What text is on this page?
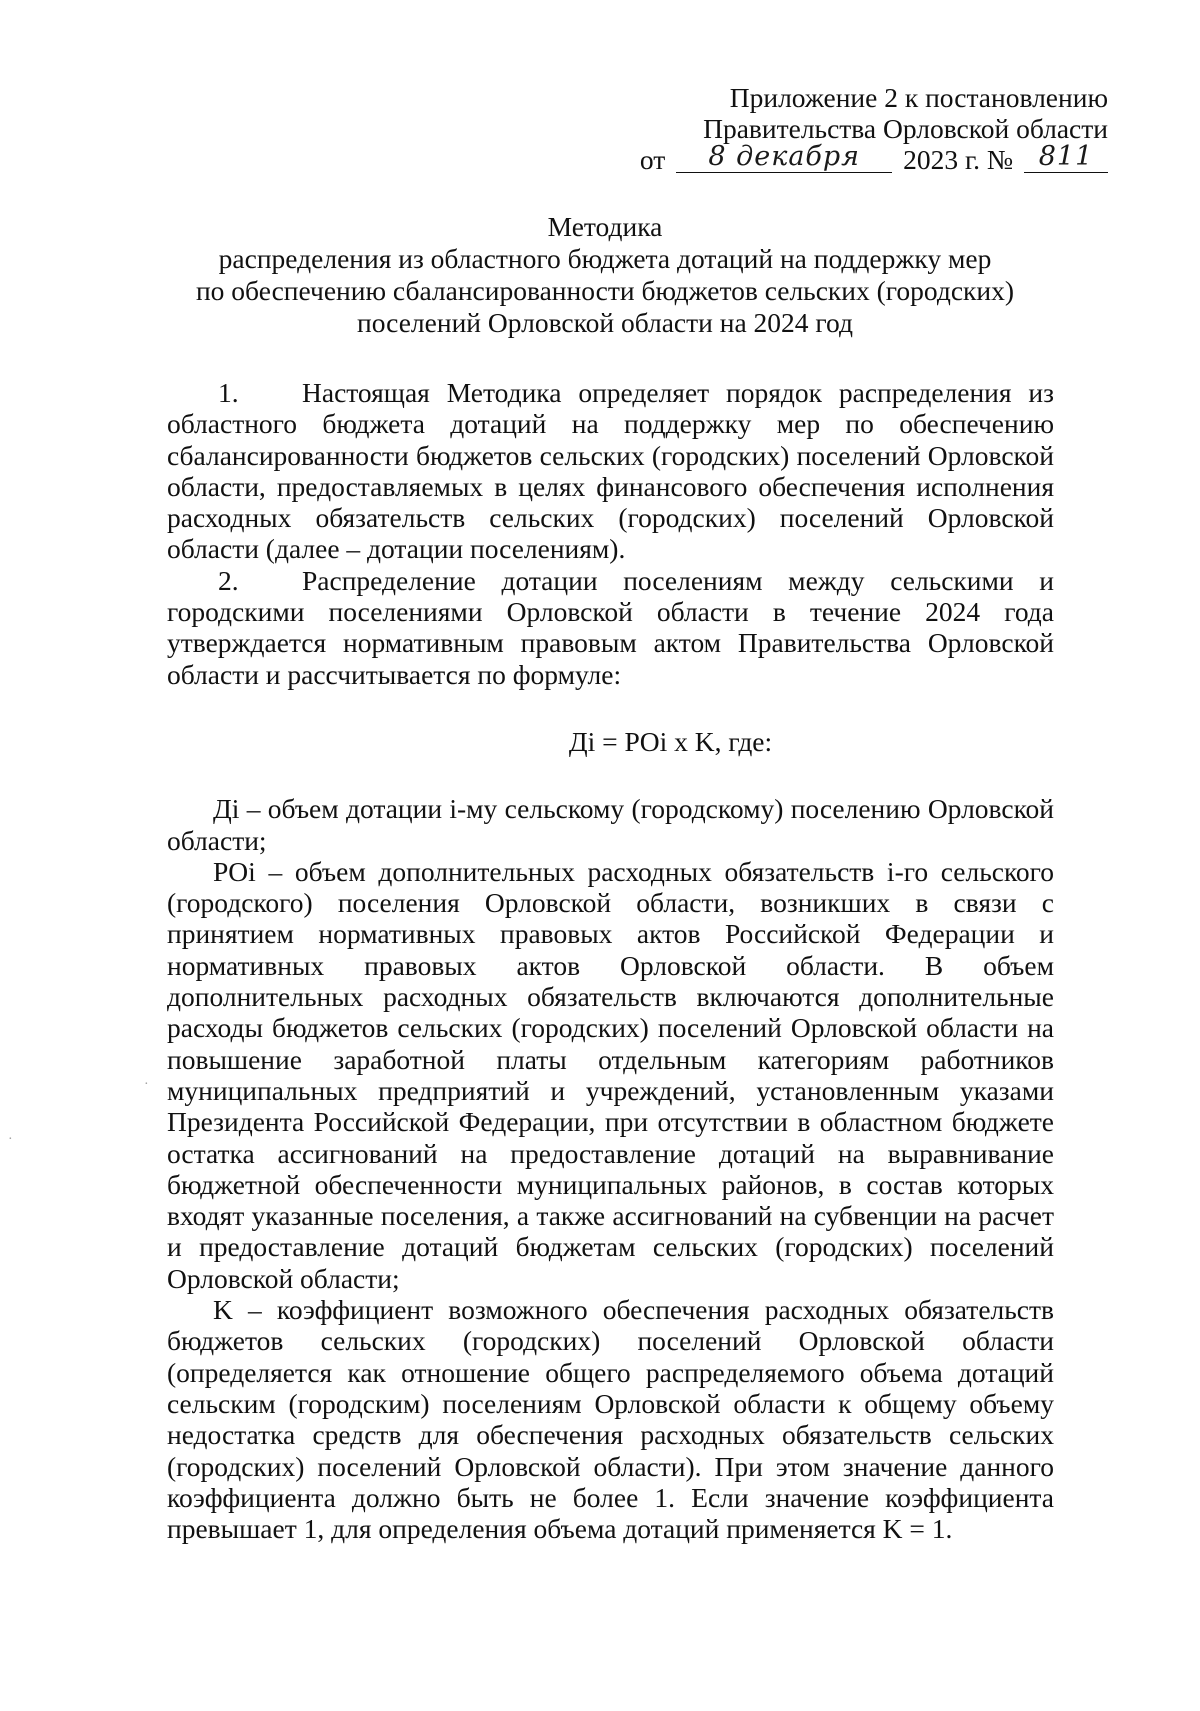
·
·
Приложение 2 к постановлению
Правительства Орловской области
от 8 декабря 2023 г. № 811
Методика
распределения из областного бюджета дотаций на поддержку мер
по обеспечению сбалансированности бюджетов сельских (городских)
поселений Орловской области на 2024 год

1. Настоящая Методика определяет порядок распределения из областного бюджета дотаций на поддержку мер по обеспечению сбалансированности бюджетов сельских (городских) поселений Орловской области, предоставляемых в целях финансового обеспечения исполнения расходных обязательств сельских (городских) поселений Орловской области (далее – дотации поселениям).

2. Распределение дотации поселениям между сельскими и городскими поселениями Орловской области в течение 2024 года утверждается нормативным правовым актом Правительства Орловской области и рассчитывается по формуле:

Дi = POi x K, где:

Дi – объем дотации i-му сельскому (городскому) поселению Орловской области;

POi – объем дополнительных расходных обязательств i-го сельского (городского) поселения Орловской области, возникших в связи с принятием нормативных правовых актов Российской Федерации и нормативных правовых актов Орловской области. В объем дополнительных расходных обязательств включаются дополнительные расходы бюджетов сельских (городских) поселений Орловской области на повышение заработной платы отдельным категориям работников муниципальных предприятий и учреждений, установленным указами Президента Российской Федерации, при отсутствии в областном бюджете остатка ассигнований на предоставление дотаций на выравнивание бюджетной обеспеченности муниципальных районов, в состав которых входят указанные поселения, а также ассигнований на субвенции на расчет и предоставление дотаций бюджетам сельских (городских) поселений Орловской области;

K – коэффициент возможного обеспечения расходных обязательств бюджетов сельских (городских) поселений Орловской области (определяется как отношение общего распределяемого объема дотаций сельским (городским) поселениям Орловской области к общему объему недостатка средств для обеспечения расходных обязательств сельских (городских) поселений Орловской области). При этом значение данного коэффициента должно быть не более 1. Если значение коэффициента превышает 1, для определения объема дотаций применяется K = 1.
